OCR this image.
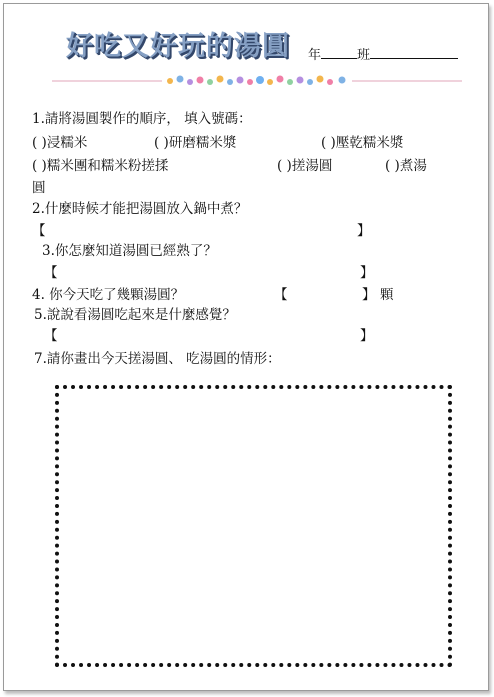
好吃又好玩的湯圓 年	班
1.請將湯圓製作的順序， 填入號碼：
( )浸糯米	( )研磨糯米漿	( )壓乾糯米漿
( )糯米團和糯米粉搓揉	( )搓湯圓	( )煮湯
圓
2.什麼時候才能把湯圓放入鍋中煮？
【	】
3.你怎麼知道湯圓已經熟了？
【	】
4. 你今天吃了幾顆湯圓？	【	】 顆
5.說說看湯圓吃起來是什麼感覺？
【	】
7.請你畫出今天搓湯圓、 吃湯圓的情形：
